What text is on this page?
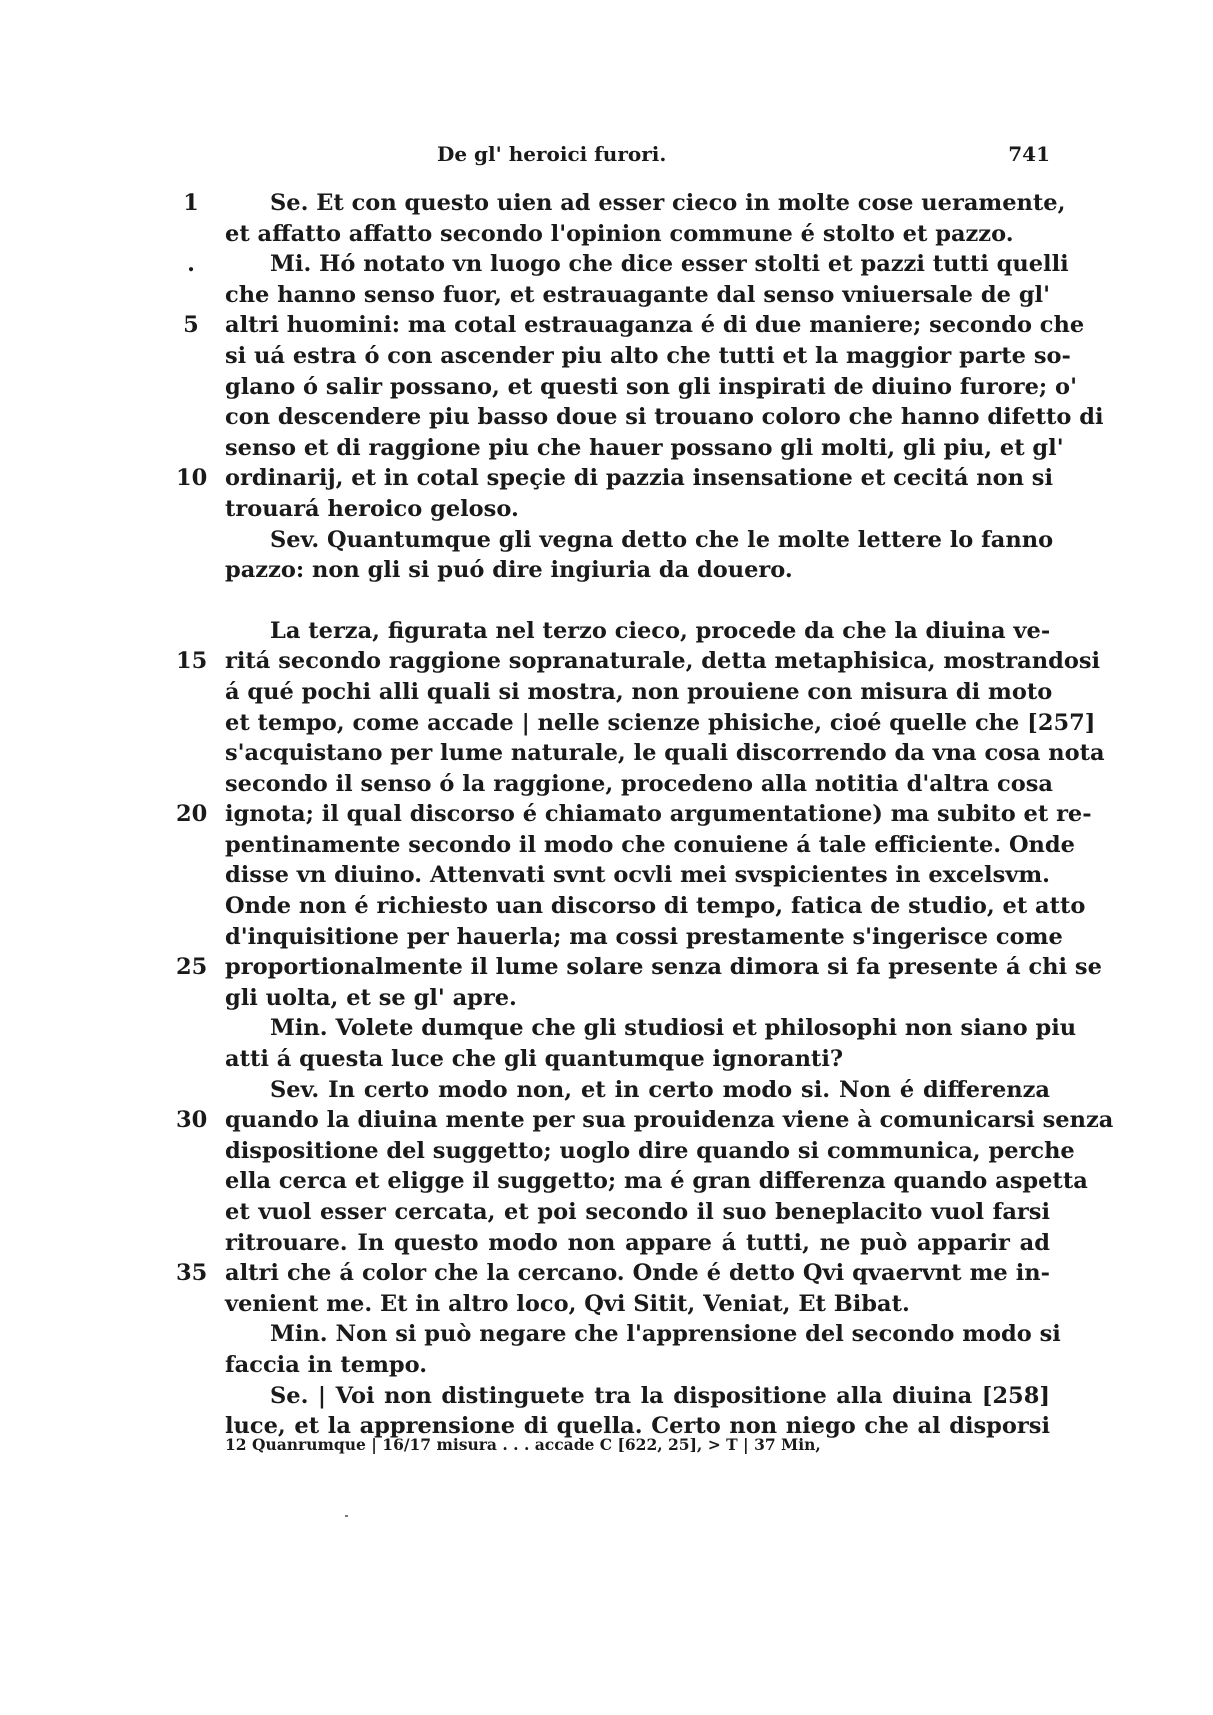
De gl' heroici furori.	741
1	Se. Et con questo uien ad esser cieco in molte cose ueramente,
et affatto affatto secondo l'opinion commune é stolto et pazzo.
.	Mi. Hó notato vn luogo che dice esser stolti et pazzi tutti quelli
che hanno senso fuor, et estrauagante dal senso vniuersale de gl'
5	altri huomini: ma cotal estrauaganza é di due maniere; secondo che
si uá estra ó con ascender piu alto che tutti et la maggior parte so-
glano ó salir possano, et questi son gli inspirati de diuino furore; o'
con descendere piu basso doue si trouano coloro che hanno difetto di
senso et di raggione piu che hauer possano gli molti, gli piu, et gl'
10 ordinarij, et in cotal speçie di pazzia insensatione et cecitá non si
trouará heroico geloso.
Sev. Quantumque gli vegna detto che le molte lettere lo fanno
pazzo: non gli si puó dire ingiuria da douero.
La terza, figurata nel terzo cieco, procede da che la diuina ve-
15 ritá secondo raggione sopranaturale, detta metaphisica, mostrandosi
á qué pochi alli quali si mostra, non prouiene con misura di moto
et tempo, come accade | nelle scienze phisiche, cioé quelle che [257]
s'acquistano per lume naturale, le quali discorrendo da vna cosa nota
secondo il senso ó la raggione, procedeno alla notitia d'altra cosa
20 ignota; il qual discorso é chiamato argumentatione) ma subito et re-
pentinamente secondo il modo che conuiene á tale efficiente. Onde
disse vn diuino. Attenvati svnt ocvli mei svspicientes in excelsvm.
Onde non é richiesto uan discorso di tempo, fatica de studio, et atto
d'inquisitione per hauerla; ma cossi prestamente s'ingerisce come
25 proportionalmente il lume solare senza dimora si fa presente á chi se
gli uolta, et se gl' apre.
Min. Volete dumque che gli studiosi et philosophi non siano piu
atti á questa luce che gli quantumque ignoranti?
Sev. In certo modo non, et in certo modo si. Non é differenza
30 quando la diuina mente per sua prouidenza viene à comunicarsi senza
dispositione del suggetto; uoglo dire quando si communica, perche
ella cerca et eligge il suggetto; ma é gran differenza quando aspetta
et vuol esser cercata, et poi secondo il suo beneplacito vuol farsi
ritrouare. In questo modo non appare á tutti, ne può apparir ad
35 altri che á color che la cercano. Onde é detto Qvi qvaervnt me in-
venient me. Et in altro loco, Qvi Sitit, Veniat, Et Bibat.
Min. Non si può negare che l'apprensione del secondo modo si
faccia in tempo.
Se. | Voi non distinguete tra la dispositione alla diuina [258]
luce, et la apprensione di quella. Certo non niego che al disporsi
12 Quanrumque | 16/17 misura . . . accade C [622, 25], > T | 37 Min,
